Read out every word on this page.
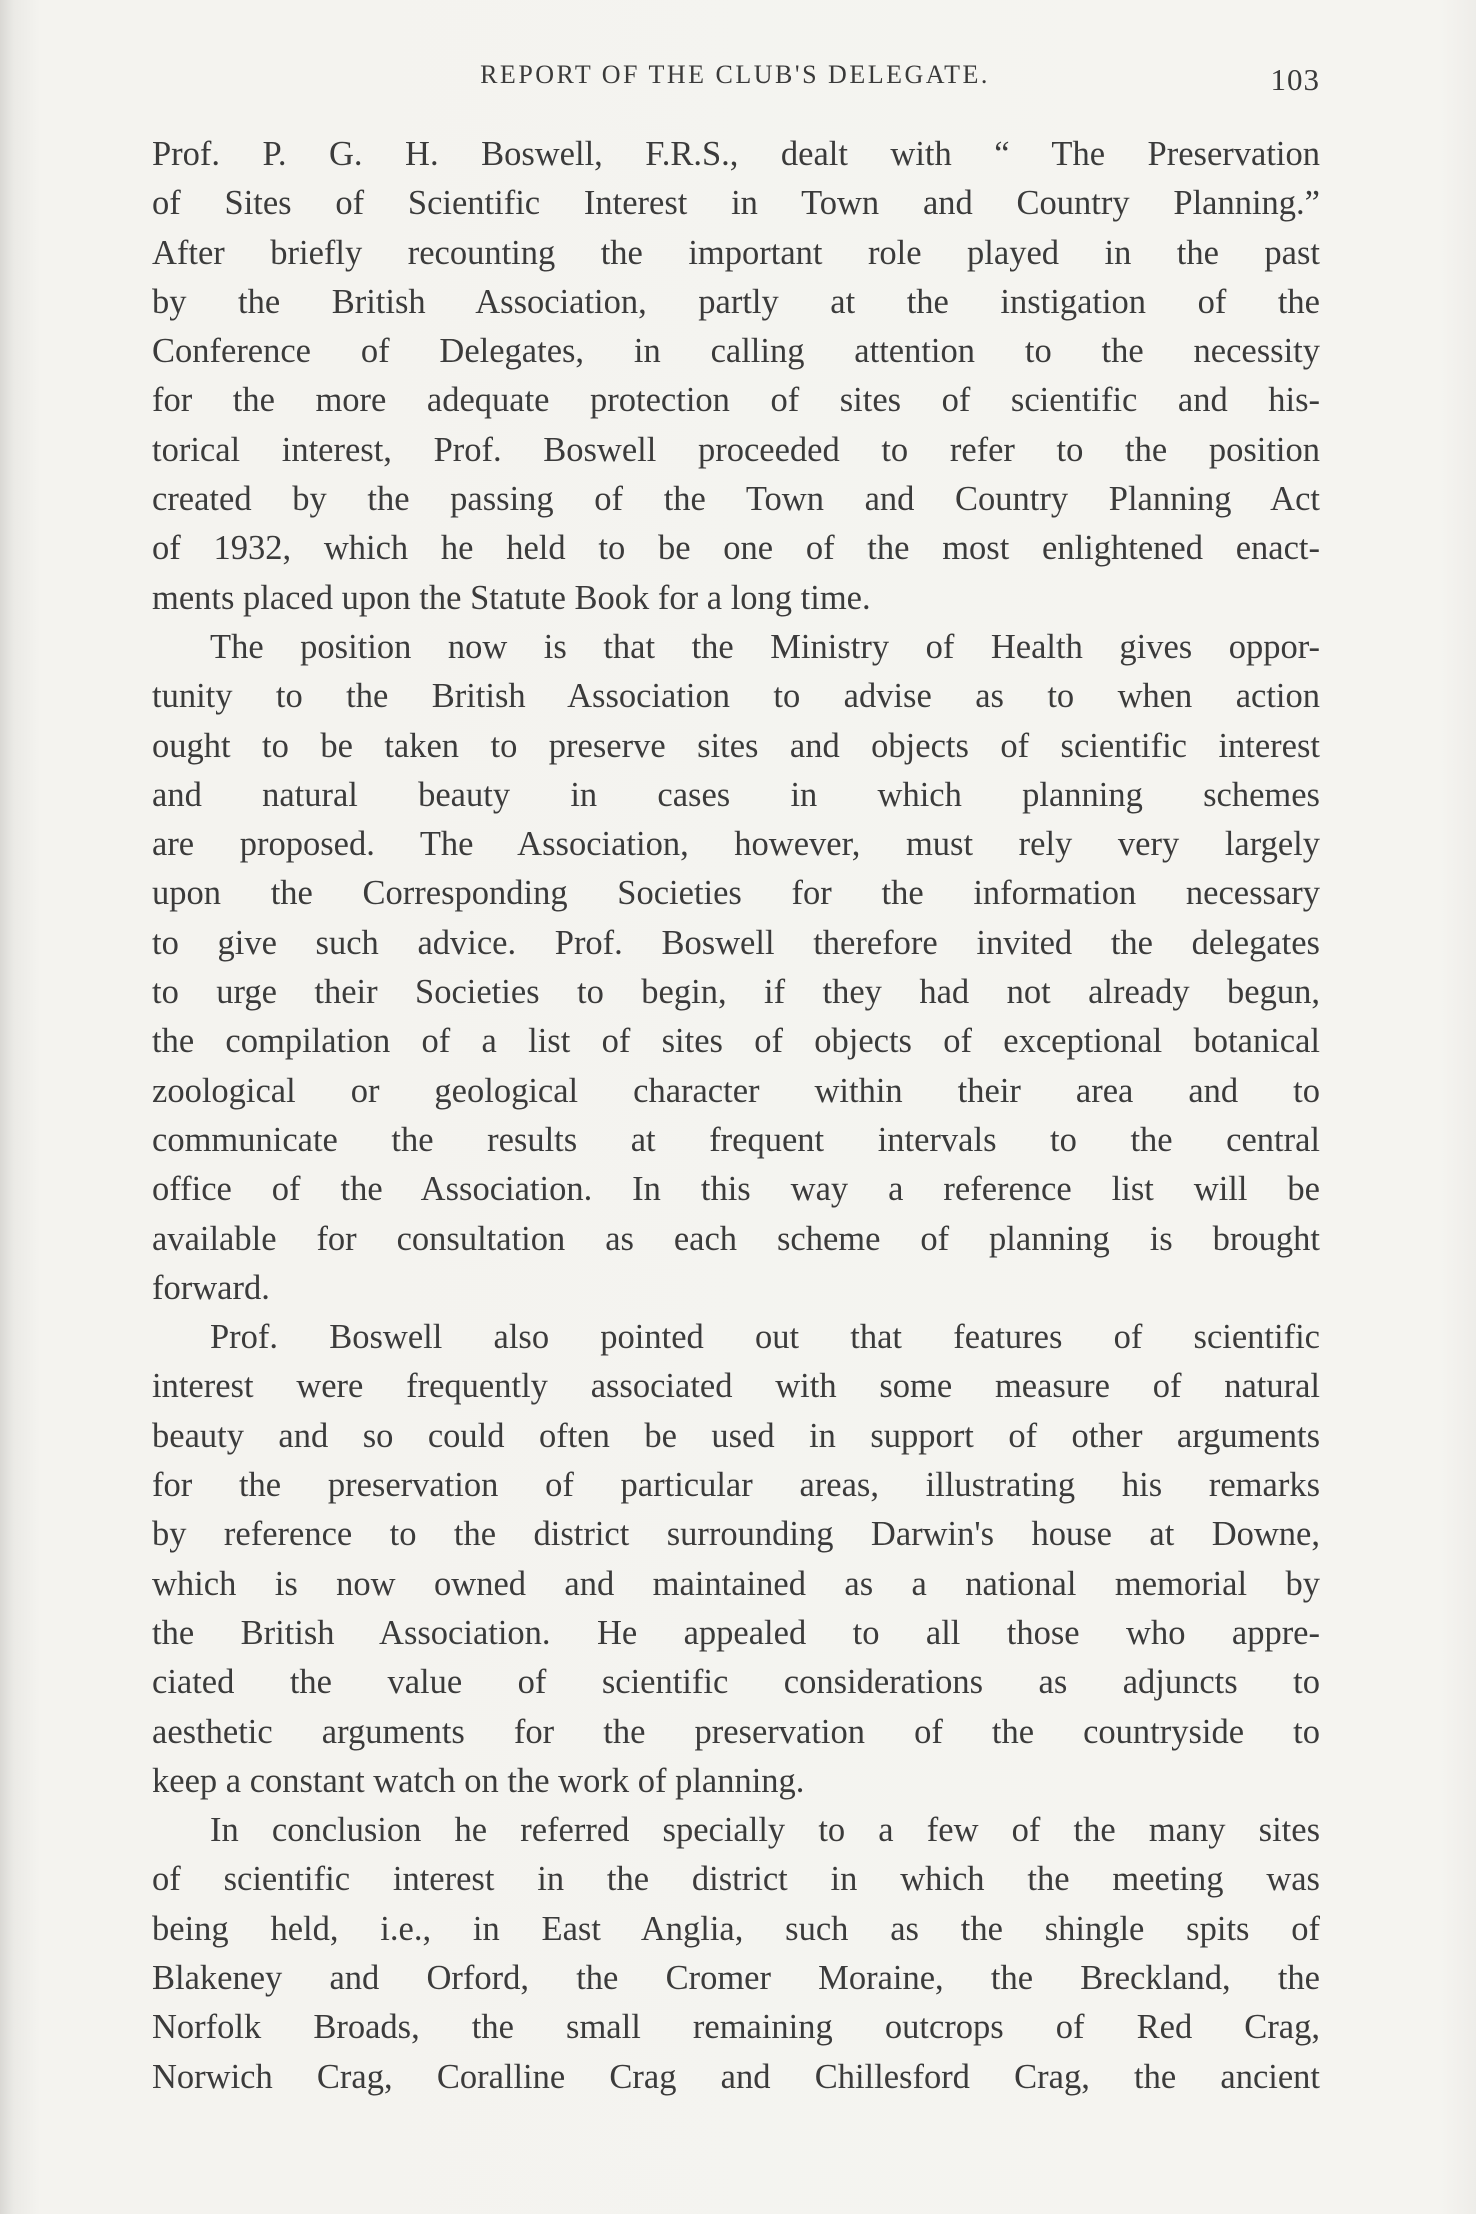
REPORT OF THE CLUB'S DELEGATE.	103
Prof. P. G. H. Boswell, F.R.S., dealt with “ The Preservation
of Sites of Scientific Interest in Town and Country Planning.”
After briefly recounting the important role played in the past
by the British Association, partly at the instigation of the
Conference of Delegates, in calling attention to the necessity
for the more adequate protection of sites of scientific and his-
torical interest, Prof. Boswell proceeded to refer to the position
created by the passing of the Town and Country Planning Act
of 1932, which he held to be one of the most enlightened enact-
ments placed upon the Statute Book for a long time.
The position now is that the Ministry of Health gives oppor-
tunity to the British Association to advise as to when action
ought to be taken to preserve sites and objects of scientific interest
and natural beauty in cases in which planning schemes
are proposed. The Association, however, must rely very largely
upon the Corresponding Societies for the information necessary
to give such advice. Prof. Boswell therefore invited the delegates
to urge their Societies to begin, if they had not already begun,
the compilation of a list of sites of objects of exceptional botanical
zoological or geological character within their area and to
communicate the results at frequent intervals to the central
office of the Association. In this way a reference list will be
available for consultation as each scheme of planning is brought
forward.
Prof. Boswell also pointed out that features of scientific
interest were frequently associated with some measure of natural
beauty and so could often be used in support of other arguments
for the preservation of particular areas, illustrating his remarks
by reference to the district surrounding Darwin's house at Downe,
which is now owned and maintained as a national memorial by
the British Association. He appealed to all those who appre-
ciated the value of scientific considerations as adjuncts to
aesthetic arguments for the preservation of the countryside to
keep a constant watch on the work of planning.
In conclusion he referred specially to a few of the many sites
of scientific interest in the district in which the meeting was
being held, i.e., in East Anglia, such as the shingle spits of
Blakeney and Orford, the Cromer Moraine, the Breckland, the
Norfolk Broads, the small remaining outcrops of Red Crag,
Norwich Crag, Coralline Crag and Chillesford Crag, the ancient
